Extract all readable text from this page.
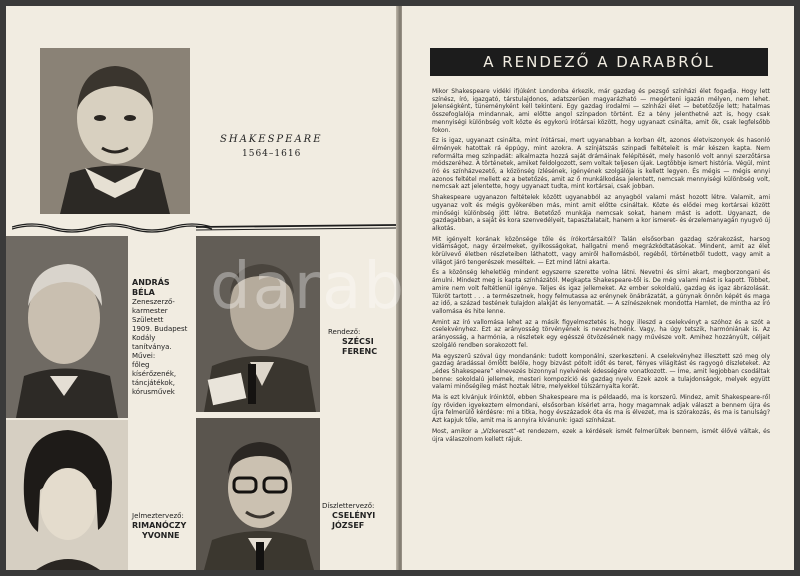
SHAKESPEARE
1564–1616
ANDRÁS
BÉLA
Zeneszerző-
karmester
Született
1909. Budapest
Kodály
tanítványa.
Művei:
főleg
kísérőzenék,
táncjátékok,
kórusművek
Rendező:
SZÉCSI
FERENC
Jelmeztervező:
RIMANÓCZY
YVONNE
Díszlettervező:
CSELÉNYI
JÓZSEF
A RENDEZŐ A DARABRÓL

Mikor Shakespeare vidéki ifjúként Londonba érkezik, már gazdag és pezsgő színházi élet fogadja. Hogy lett színész, író, igazgató, társtulajdonos, adatszerűen magyarázható — megérteni igazán mélyen, nem lehet. Jelenségként, tüneményként kell tekinteni. Egy gazdag irodalmi — színházi élet — betetőzője lett; hatalmas összefoglalója mindannak, ami előtte angol színpadon történt. Ez a tény jelenthetné azt is, hogy csak mennyiségi különbség volt közte és egykorú írótársai között, hogy ugyanazt csinálta, amit ők, csak legfelsőbb fokon.

Ez is igaz, ugyanazt csinálta, mint írótársai, mert ugyanabban a korban élt, azonos életviszonyok és hasonló élmények hatottak rá éppúgy, mint azokra. A színjátszás szinpadi feltételeit is már készen kapta. Nem reformálta meg színpadát: alkalmazta hozzá saját drámáinak felépítését, mely hasonló volt annyi szerzőtársa módszeréhez. A történetek, amiket feldolgozott, sem voltak teljesen újak. Legtöbbje ismert história. Végül, mint író és színházvezető, a közönség ízlésének, igényének szolgálója is kellett legyen. És mégis — mégis ennyi azonos feltétel mellett ez a betetőzés, amit az ő munkálkodása jelentett, nemcsak mennyiségi különbség volt, nemcsak azt jelentette, hogy ugyanazt tudta, mint kortársai, csak jobban.

Shakespeare ugyanazon feltételek között ugyanabból az anyagból valami mást hozott létre. Valamit, ami ugyanaz volt és mégis gyökerében más, mint amit előtte csináltak. Közte és elődei meg kortársai között minőségi különbség jött létre. Betetőző munkája nemcsak sokat, hanem mást is adott. Ugyanazt, de gazdagabban, a saját és kora szenvedélyeit, tapasztalatait, hanem a kor ismeret- és érzelemanyagán nyugvó új alkotás.

Mit igényelt korának közönsége tőle és írókortársaitól? Talán elsősorban gazdag szórakozást, harsog vidámságot, nagy érzelmeket, gyilkosságokat, hallgatni menő megrázkódtatásokat. Mindent, amit az élet körülvevő életben részleteiben láthatott, vagy amiről hallomásból, regéből, történetből tudott, vagy amit a világot járó tengerészek meséltek. — Ezt mind látni akarta.

És a közönség leheletlég mindent egyszerre szerette volna látni. Nevetni és sírni akart, megborzongani és ámulni. Mindezt meg is kapta színházától. Megkapta Shakespeare-től is. De még valami mást is kapott. Többet, amire nem volt feltétlenül igénye. Teljes és igaz jellemeket. Az ember sokoldalú, gazdag és igaz ábrázolását. Tükröt tartott . . . a természetnek, hogy felmutassa az erénynek önábrázatát, a gúnynak önnön képét és maga az idő, a század testének tulajdon alakját és lenyomatát. — A színészeknek mondotta Hamlet, de mintha az író vallomása és hite lenne.

Amint az író vallomása lehet az a másik figyelmeztetés is, hogy illeszd a cselekvényt a szóhoz és a szót a cselekvényhez. Ezt az arányosság törvényének is nevezhetnénk. Vagy, ha úgy tetszik, harmóniának is. Az arányosság, a harmónia, a részletek egy egésszé ötvözésének nagy művésze volt. Amihez hozzányúlt, céljait szolgáló rendben sorakozott fel.

Ma egyszerű szóval úgy mondanánk: tudott komponálni, szerkeszteni. A cselekvényhez illesztett szó meg oly gazdag áradással ömlött belőle, hogy bizvást pótolt időt és teret, fényes világítást és ragyogó díszleteket. Az „édes Shakespeare” elnevezés bizonnyal nyelvének édességére vonatkozott. — Íme, amit legjobban csodáltak benne: sokoldalú jellemek, mesteri kompozíció és gazdag nyelv. Ezek azok a tulajdonságok, melyek együtt valami minőségileg mást hoztak létre, melyekkel túlszárnyalta korát.

Ma is ezt kívánjuk íróinktól, ebben Shakespeare ma is példaadó, ma is korszerű. Mindez, amit Shakespeare-ről így röviden igyekeztem elmondani, elsősorban kísérlet arra, hogy magamnak adjak választ a bennem újra és újra felmerülő kérdésre: mi a titka, hogy évszázadok óta és ma is élvezet, ma is szórakozás, és ma is tanulság? Azt kapjuk tőle, amit ma is annyira kívánunk: igazi színházat.

Most, amikor a „Vízkereszt”-et rendezem, ezek a kérdések ismét felmerültek bennem, ismét élővé váltak, és újra válaszolnom kellett rájuk.

darab
